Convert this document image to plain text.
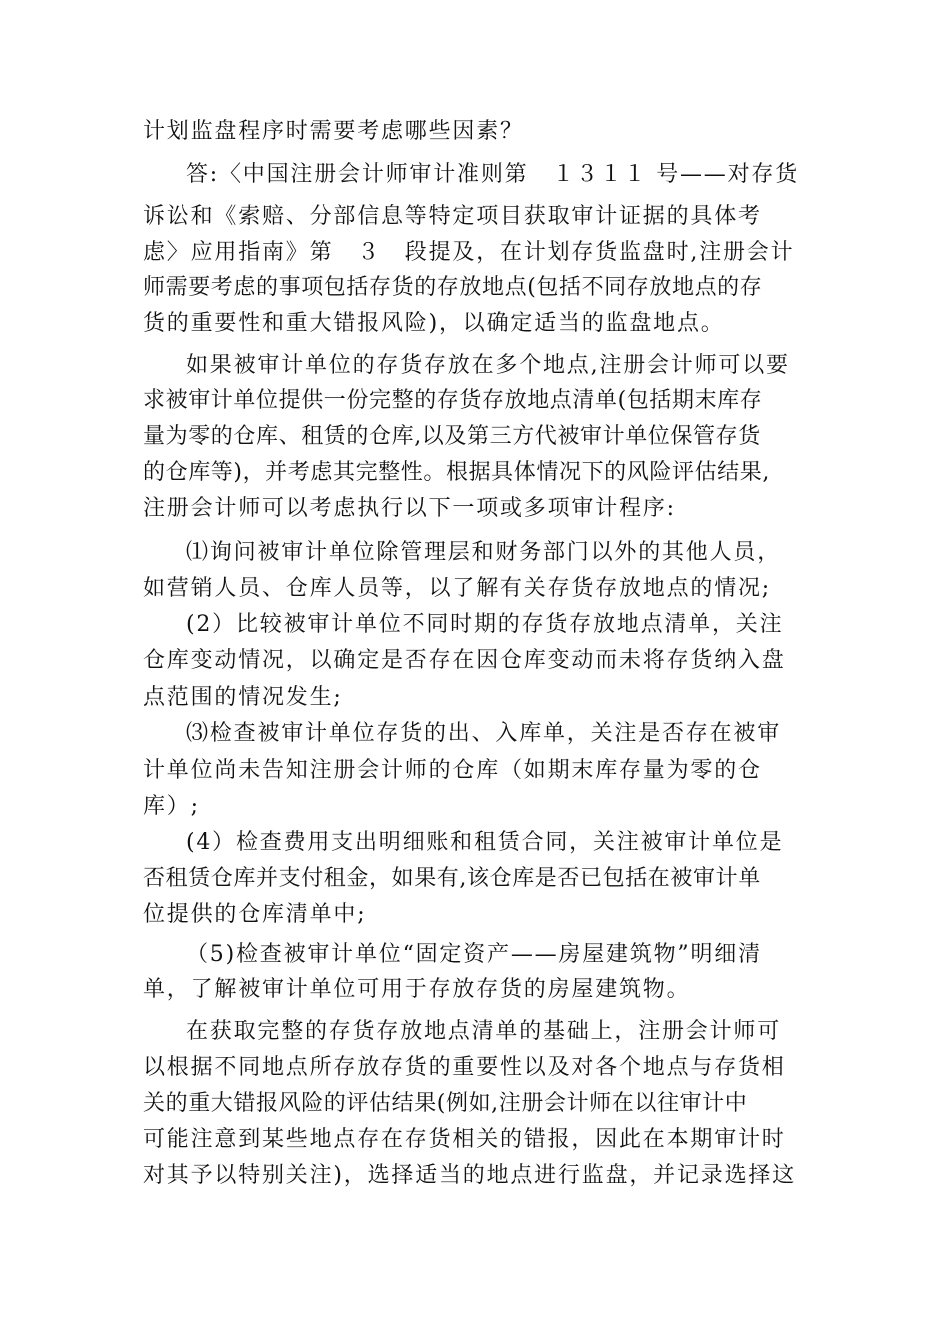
计划监盘程序时需要考虑哪些因素？
答:〈中国注册会计师审计准则第　１３１１ 号——对存货
诉讼和《索赔、分部信息等特定项目获取审计证据的具体考
虑〉应用指南》第　３　段提及，在计划存货监盘时,注册会计
师需要考虑的事项包括存货的存放地点(包括不同存放地点的存
货的重要性和重大错报风险)，以确定适当的监盘地点。
如果被审计单位的存货存放在多个地点,注册会计师可以要
求被审计单位提供一份完整的存货存放地点清单(包括期末库存
量为零的仓库、租赁的仓库,以及第三方代被审计单位保管存货
的仓库等)，并考虑其完整性。根据具体情况下的风险评估结果,
注册会计师可以考虑执行以下一项或多项审计程序:
⑴询问被审计单位除管理层和财务部门以外的其他人员，
如营销人员、仓库人员等，以了解有关存货存放地点的情况;
(2）比较被审计单位不同时期的存货存放地点清单，关注
仓库变动情况，以确定是否存在因仓库变动而未将存货纳入盘
点范围的情况发生;
⑶检查被审计单位存货的出、入库单，关注是否存在被审
计单位尚未告知注册会计师的仓库（如期末库存量为零的仓
库）;
(4）检查费用支出明细账和租赁合同，关注被审计单位是
否租赁仓库并支付租金，如果有,该仓库是否已包括在被审计单
位提供的仓库清单中;
（5)检查被审计单位“固定资产——房屋建筑物”明细清
单，了解被审计单位可用于存放存货的房屋建筑物。
在获取完整的存货存放地点清单的基础上，注册会计师可
以根据不同地点所存放存货的重要性以及对各个地点与存货相
关的重大错报风险的评估结果(例如,注册会计师在以往审计中
可能注意到某些地点存在存货相关的错报，因此在本期审计时
对其予以特别关注)，选择适当的地点进行监盘，并记录选择这
